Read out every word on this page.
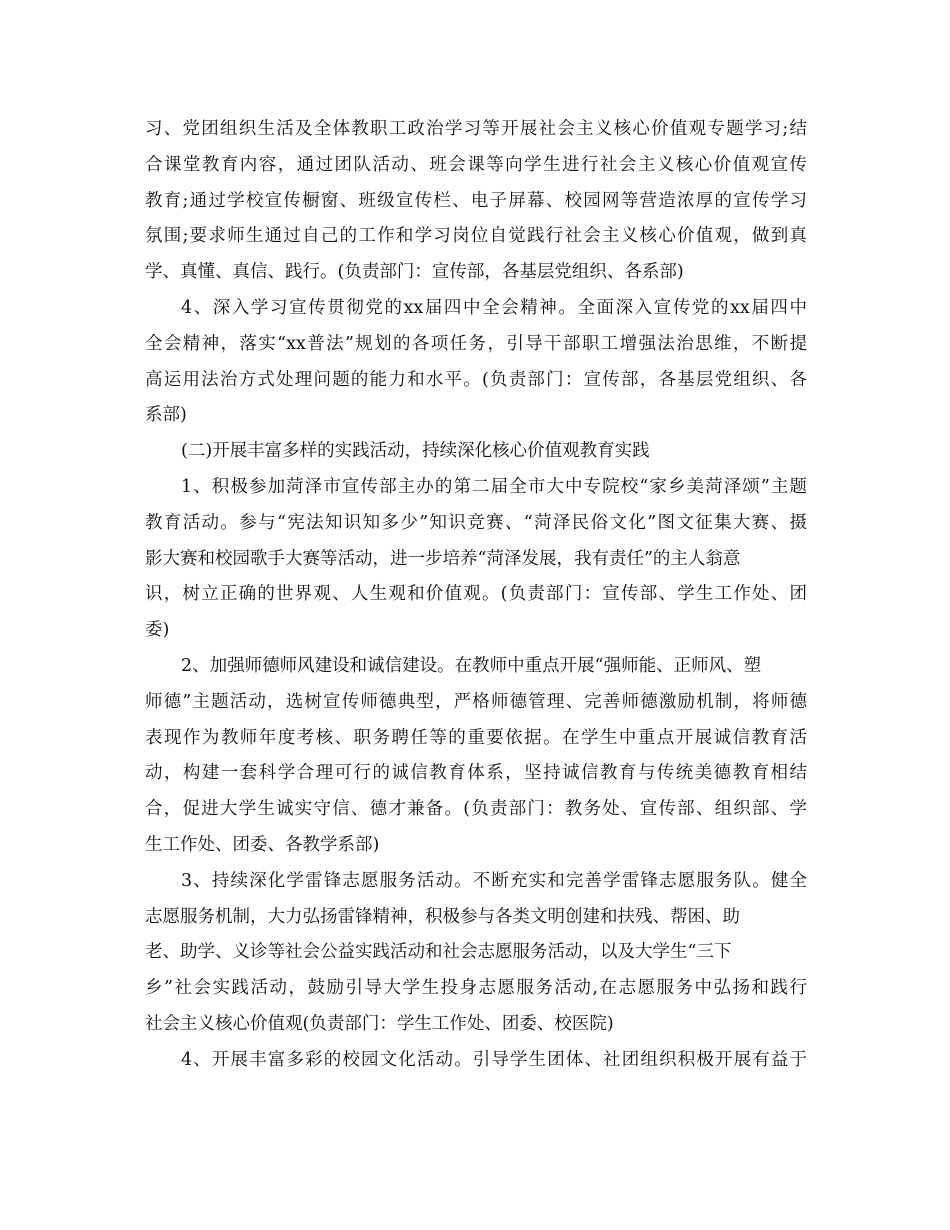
习、党团组织生活及全体教职工政治学习等开展社会主义核心价值观专题学习;结
合课堂教育内容，通过团队活动、班会课等向学生进行社会主义核心价值观宣传
教育;通过学校宣传橱窗、班级宣传栏、电子屏幕、校园网等营造浓厚的宣传学习
氛围;要求师生通过自己的工作和学习岗位自觉践行社会主义核心价值观，做到真
学、真懂、真信、践行。(负责部门：宣传部，各基层党组织、各系部)
4、深入学习宣传贯彻党的xx届四中全会精神。全面深入宣传党的xx届四中
全会精神，落实“xx普法”规划的各项任务，引导干部职工增强法治思维，不断提
高运用法治方式处理问题的能力和水平。(负责部门：宣传部，各基层党组织、各
系部)
(二)开展丰富多样的实践活动，持续深化核心价值观教育实践
1、积极参加菏泽市宣传部主办的第二届全市大中专院校“家乡美菏泽颂”主题
教育活动。参与“宪法知识知多少”知识竞赛、“菏泽民俗文化”图文征集大赛、摄
影大赛和校园歌手大赛等活动，进一步培养“菏泽发展，我有责任”的主人翁意
识，树立正确的世界观、人生观和价值观。(负责部门：宣传部、学生工作处、团
委)
2、加强师德师风建设和诚信建设。在教师中重点开展“强师能、正师风、塑
师德”主题活动，选树宣传师德典型，严格师德管理、完善师德激励机制，将师德
表现作为教师年度考核、职务聘任等的重要依据。在学生中重点开展诚信教育活
动，构建一套科学合理可行的诚信教育体系，坚持诚信教育与传统美德教育相结
合，促进大学生诚实守信、德才兼备。(负责部门：教务处、宣传部、组织部、学
生工作处、团委、各教学系部)
3、持续深化学雷锋志愿服务活动。不断充实和完善学雷锋志愿服务队。健全
志愿服务机制，大力弘扬雷锋精神，积极参与各类文明创建和扶残、帮困、助
老、助学、义诊等社会公益实践活动和社会志愿服务活动，以及大学生“三下
乡”社会实践活动，鼓励引导大学生投身志愿服务活动,在志愿服务中弘扬和践行
社会主义核心价值观(负责部门：学生工作处、团委、校医院)
4、开展丰富多彩的校园文化活动。引导学生团体、社团组织积极开展有益于
